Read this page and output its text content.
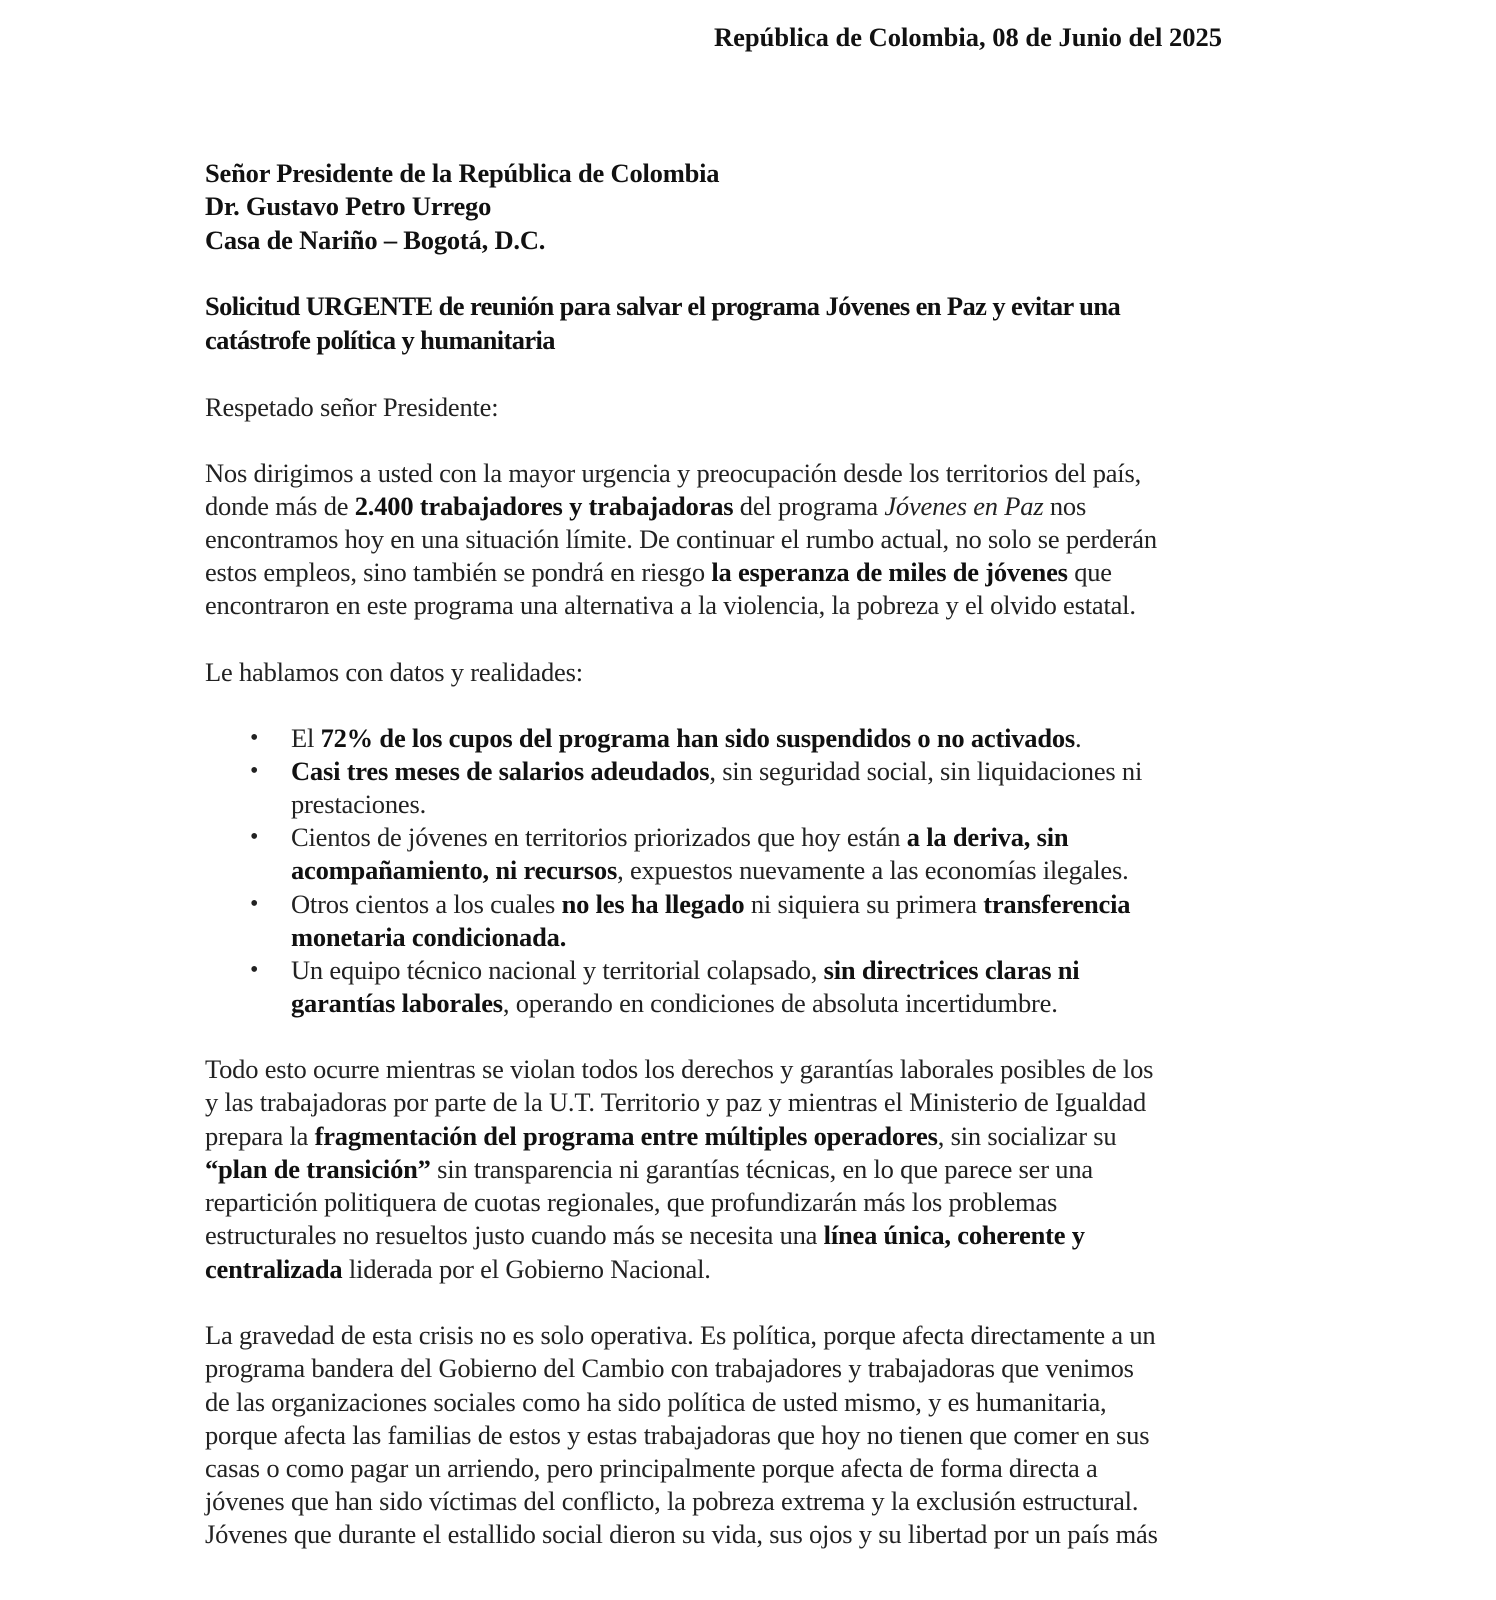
República de Colombia, 08 de Junio del 2025
Señor Presidente de la República de Colombia
Dr. Gustavo Petro Urrego
Casa de Nariño – Bogotá, D.C.
Solicitud URGENTE de reunión para salvar el programa Jóvenes en Paz y evitar una
catástrofe política y humanitaria
Respetado señor Presidente:
Nos dirigimos a usted con la mayor urgencia y preocupación desde los territorios del país,
donde más de 2.400 trabajadores y trabajadoras del programa Jóvenes en Paz nos
encontramos hoy en una situación límite. De continuar el rumbo actual, no solo se perderán
estos empleos, sino también se pondrá en riesgo la esperanza de miles de jóvenes que
encontraron en este programa una alternativa a la violencia, la pobreza y el olvido estatal.
Le hablamos con datos y realidades:
• El 72% de los cupos del programa han sido suspendidos o no activados.
• Casi tres meses de salarios adeudados, sin seguridad social, sin liquidaciones ni
prestaciones.
• Cientos de jóvenes en territorios priorizados que hoy están a la deriva, sin
acompañamiento, ni recursos, expuestos nuevamente a las economías ilegales.
• Otros cientos a los cuales no les ha llegado ni siquiera su primera transferencia
monetaria condicionada.
• Un equipo técnico nacional y territorial colapsado, sin directrices claras ni
garantías laborales, operando en condiciones de absoluta incertidumbre.
Todo esto ocurre mientras se violan todos los derechos y garantías laborales posibles de los
y las trabajadoras por parte de la U.T. Territorio y paz y mientras el Ministerio de Igualdad
prepara la fragmentación del programa entre múltiples operadores, sin socializar su
“plan de transición” sin transparencia ni garantías técnicas, en lo que parece ser una
repartición politiquera de cuotas regionales, que profundizarán más los problemas
estructurales no resueltos justo cuando más se necesita una línea única, coherente y
centralizada liderada por el Gobierno Nacional.
La gravedad de esta crisis no es solo operativa. Es política, porque afecta directamente a un
programa bandera del Gobierno del Cambio con trabajadores y trabajadoras que venimos
de las organizaciones sociales como ha sido política de usted mismo, y es humanitaria,
porque afecta las familias de estos y estas trabajadoras que hoy no tienen que comer en sus
casas o como pagar un arriendo, pero principalmente porque afecta de forma directa a
jóvenes que han sido víctimas del conflicto, la pobreza extrema y la exclusión estructural.
Jóvenes que durante el estallido social dieron su vida, sus ojos y su libertad por un país más
